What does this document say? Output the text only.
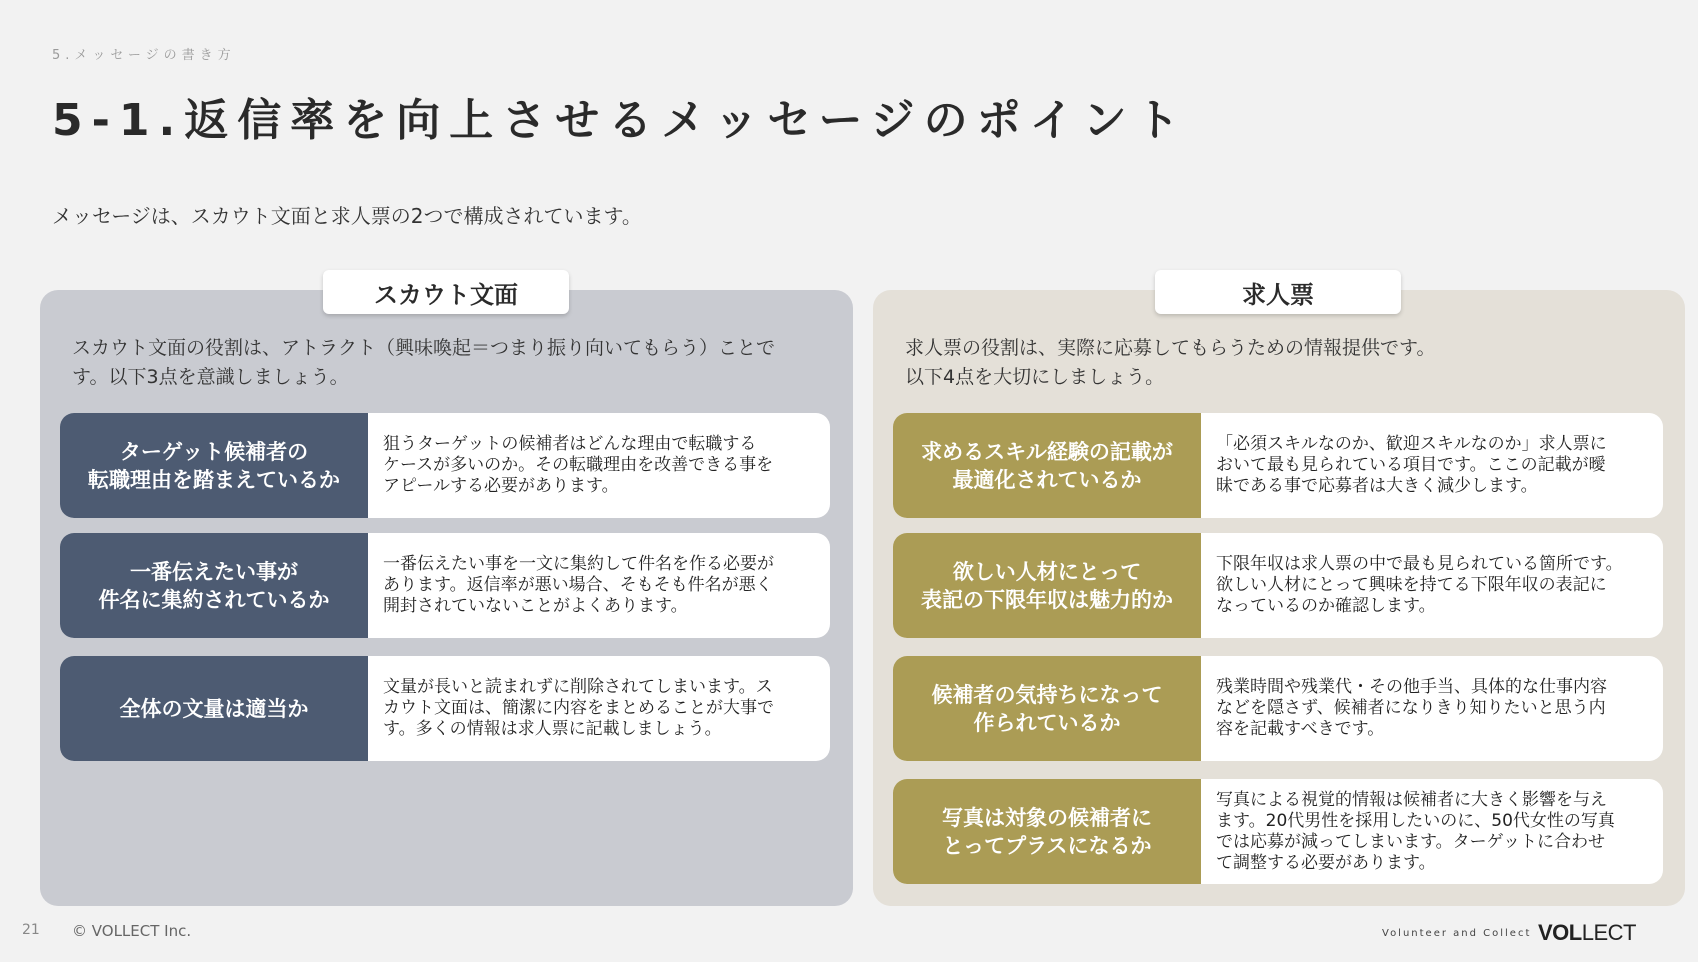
5.メッセージの書き方
5-1.返信率を向上させるメッセージのポイント
メッセージは、スカウト文面と求人票の2つで構成されています。
スカウト文面
スカウト文面の役割は、アトラクト（興味喚起＝つまり振り向いてもらう）ことで
す。以下3点を意識しましょう。
ターゲット候補者の
転職理由を踏まえているか
狙うターゲットの候補者はどんな理由で転職する
ケースが多いのか。その転職理由を改善できる事を
アピールする必要があります。
一番伝えたい事が
件名に集約されているか
一番伝えたい事を一文に集約して件名を作る必要が
あります。返信率が悪い場合、そもそも件名が悪く
開封されていないことがよくあります。
全体の文量は適当か
文量が長いと読まれずに削除されてしまいます。ス
カウト文面は、簡潔に内容をまとめることが大事で
す。多くの情報は求人票に記載しましょう。
求人票
求人票の役割は、実際に応募してもらうための情報提供です。
以下4点を大切にしましょう。
求めるスキル経験の記載が
最適化されているか
「必須スキルなのか、歓迎スキルなのか」求人票に
おいて最も見られている項目です。ここの記載が曖
昧である事で応募者は大きく減少します。
欲しい人材にとって
表記の下限年収は魅力的か
下限年収は求人票の中で最も見られている箇所です。
欲しい人材にとって興味を持てる下限年収の表記に
なっているのか確認します。
候補者の気持ちになって
作られているか
残業時間や残業代・その他手当、具体的な仕事内容
などを隠さず、候補者になりきり知りたいと思う内
容を記載すべきです。
写真は対象の候補者に
とってプラスになるか
写真による視覚的情報は候補者に大きく影響を与え
ます。20代男性を採用したいのに、50代女性の写真
では応募が減ってしまいます。ターゲットに合わせ
て調整する必要があります。
21 © VOLLECT Inc.	Volunteer and Collect VOLLECT
